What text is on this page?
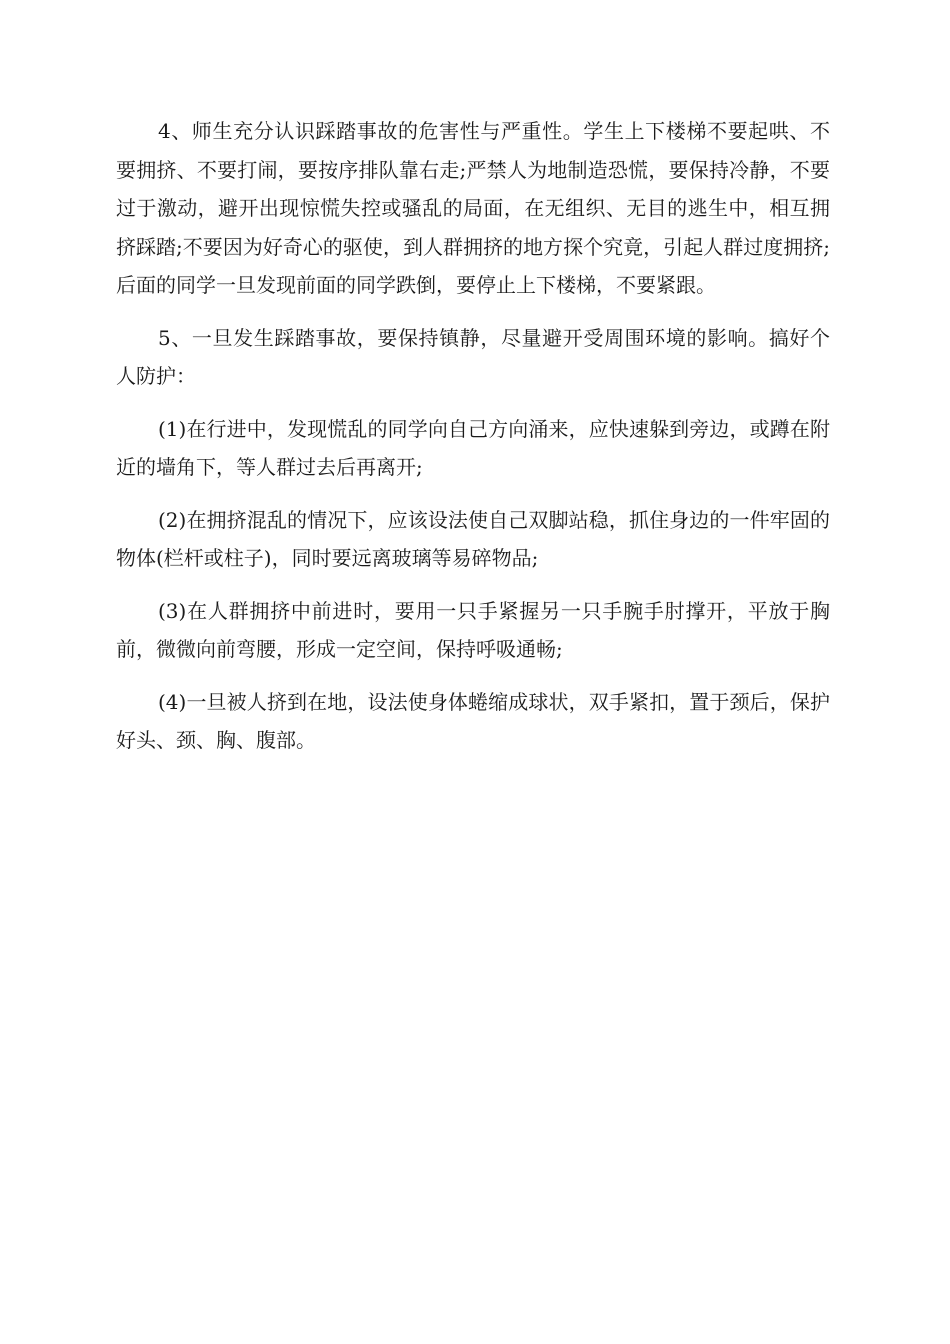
4、师生充分认识踩踏事故的危害性与严重性。学生上下楼梯不要起哄、不要拥挤、不要打闹，要按序排队靠右走;严禁人为地制造恐慌，要保持冷静，不要过于激动，避开出现惊慌失控或骚乱的局面，在无组织、无目的逃生中，相互拥挤踩踏;不要因为好奇心的驱使，到人群拥挤的地方探个究竟，引起人群过度拥挤;后面的同学一旦发现前面的同学跌倒，要停止上下楼梯，不要紧跟。

5、一旦发生踩踏事故，要保持镇静，尽量避开受周围环境的影响。搞好个人防护：

(1)在行进中，发现慌乱的同学向自己方向涌来，应快速躲到旁边，或蹲在附近的墙角下，等人群过去后再离开;

(2)在拥挤混乱的情况下，应该设法使自己双脚站稳，抓住身边的一件牢固的物体(栏杆或柱子)，同时要远离玻璃等易碎物品;

(3)在人群拥挤中前进时，要用一只手紧握另一只手腕手肘撑开，平放于胸前，微微向前弯腰，形成一定空间，保持呼吸通畅;

(4)一旦被人挤到在地，设法使身体蜷缩成球状，双手紧扣，置于颈后，保护好头、颈、胸、腹部。
